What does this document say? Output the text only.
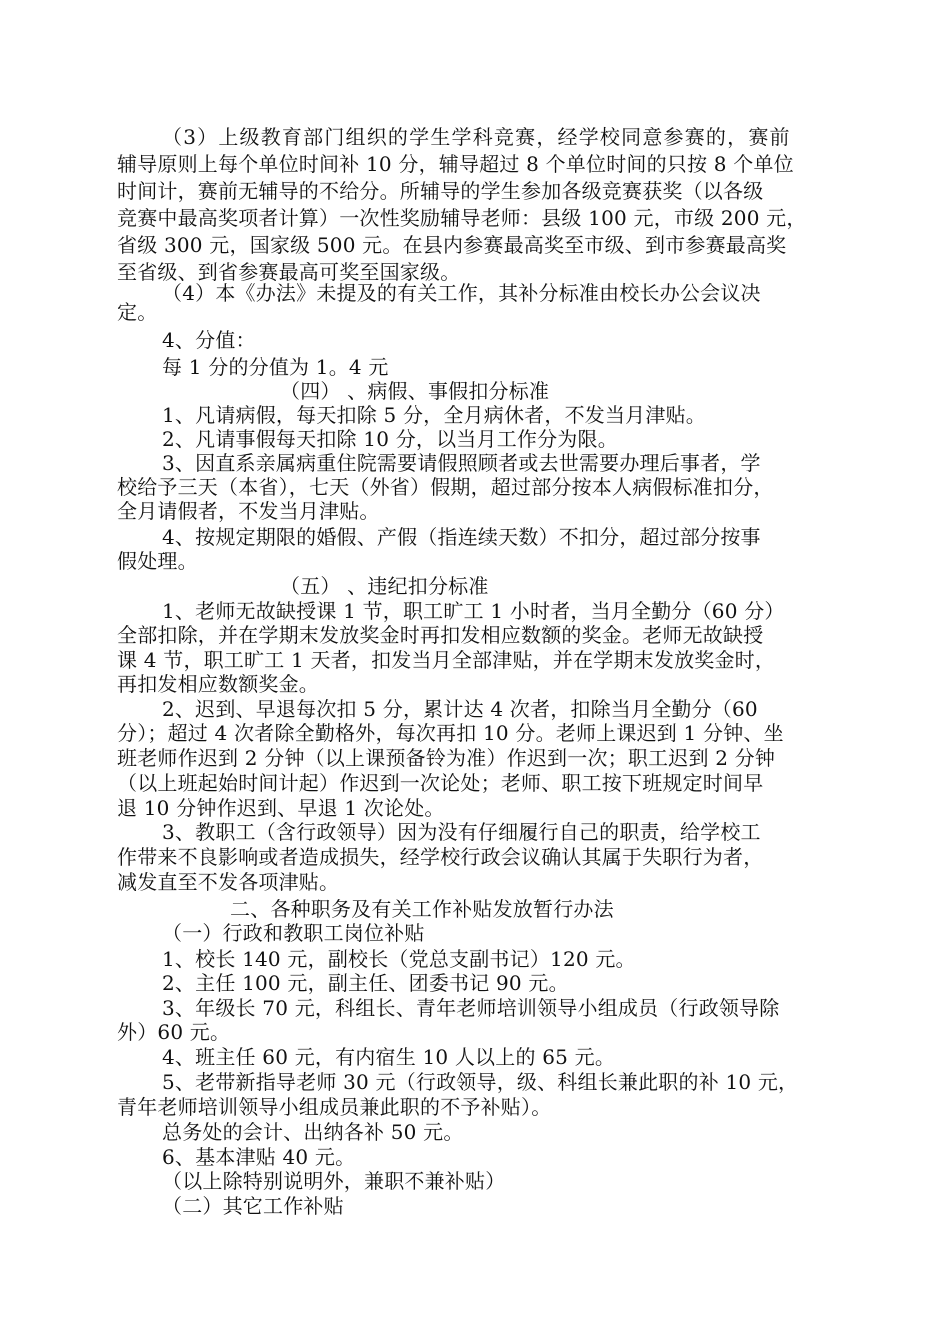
（3）上级教育部门组织的学生学科竞赛，经学校同意参赛的，赛前

辅导原则上每个单位时间补 10 分，辅导超过 8 个单位时间的只按 8 个单位

时间计，赛前无辅导的不给分。所辅导的学生参加各级竞赛获奖（以各级

竞赛中最高奖项者计算）一次性奖励辅导老师：县级 100 元，市级 200 元，

省级 300 元，国家级 500 元。在县内参赛最高奖至市级、到市参赛最高奖

至省级、到省参赛最高可奖至国家级。

（4）本《办法》未提及的有关工作，其补分标准由校长办公会议决

定。

4、分值：

每 1 分的分值为 1。4 元

（四） 、病假、事假扣分标准

1、凡请病假，每天扣除 5 分，全月病休者，不发当月津贴。

2、凡请事假每天扣除 10 分，以当月工作分为限。

3、因直系亲属病重住院需要请假照顾者或去世需要办理后事者，学

校给予三天（本省），七天（外省）假期，超过部分按本人病假标准扣分，

全月请假者，不发当月津贴。

4、按规定期限的婚假、产假（指连续天数）不扣分，超过部分按事

假处理。

（五） 、违纪扣分标准

1、老师无故缺授课 1 节，职工旷工 1 小时者，当月全勤分（60 分）

全部扣除，并在学期末发放奖金时再扣发相应数额的奖金。老师无故缺授

课 4 节，职工旷工 1 天者，扣发当月全部津贴，并在学期末发放奖金时，

再扣发相应数额奖金。

2、迟到、早退每次扣 5 分，累计达 4 次者，扣除当月全勤分（60

分）；超过 4 次者除全勤格外，每次再扣 10 分。老师上课迟到 1 分钟、坐

班老师作迟到 2 分钟（以上课预备铃为准）作迟到一次；职工迟到 2 分钟

（以上班起始时间计起）作迟到一次论处；老师、职工按下班规定时间早

退 10 分钟作迟到、早退 1 次论处。

3、教职工（含行政领导）因为没有仔细履行自己的职责，给学校工

作带来不良影响或者造成损失，经学校行政会议确认其属于失职行为者，

减发直至不发各项津贴。

二、各种职务及有关工作补贴发放暂行办法

（一）行政和教职工岗位补贴

1、校长 140 元，副校长（党总支副书记）120 元。

2、主任 100 元，副主任、团委书记 90 元。

3、年级长 70 元，科组长、青年老师培训领导小组成员（行政领导除

外）60 元。

4、班主任 60 元，有内宿生 10 人以上的 65 元。

5、老带新指导老师 30 元（行政领导，级、科组长兼此职的补 10 元，

青年老师培训领导小组成员兼此职的不予补贴）。

总务处的会计、出纳各补 50 元。

6、基本津贴 40 元。

（以上除特别说明外，兼职不兼补贴）

（二）其它工作补贴
